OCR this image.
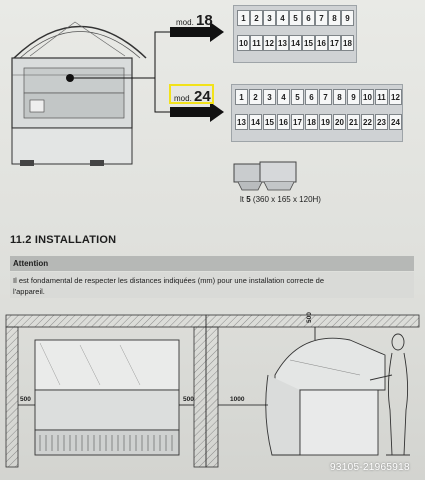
mod. 18
mod. 24
1	2	3	4	5	6	7	8	9
10 11 12 13 14 15 16 17 18
1	2	3	4	5	6	7	8	9 10 11 12
13 14 15 16 17 18 19 20 21 22 23 24
lt 5 (360 x 165 x 120H)
11.2 INSTALLATION
Attention
Il est fondamental de respecter les distances indiquées (mm) pour une installation correcte de
l'appareil.
500	500	1000
500
93105-21965918
